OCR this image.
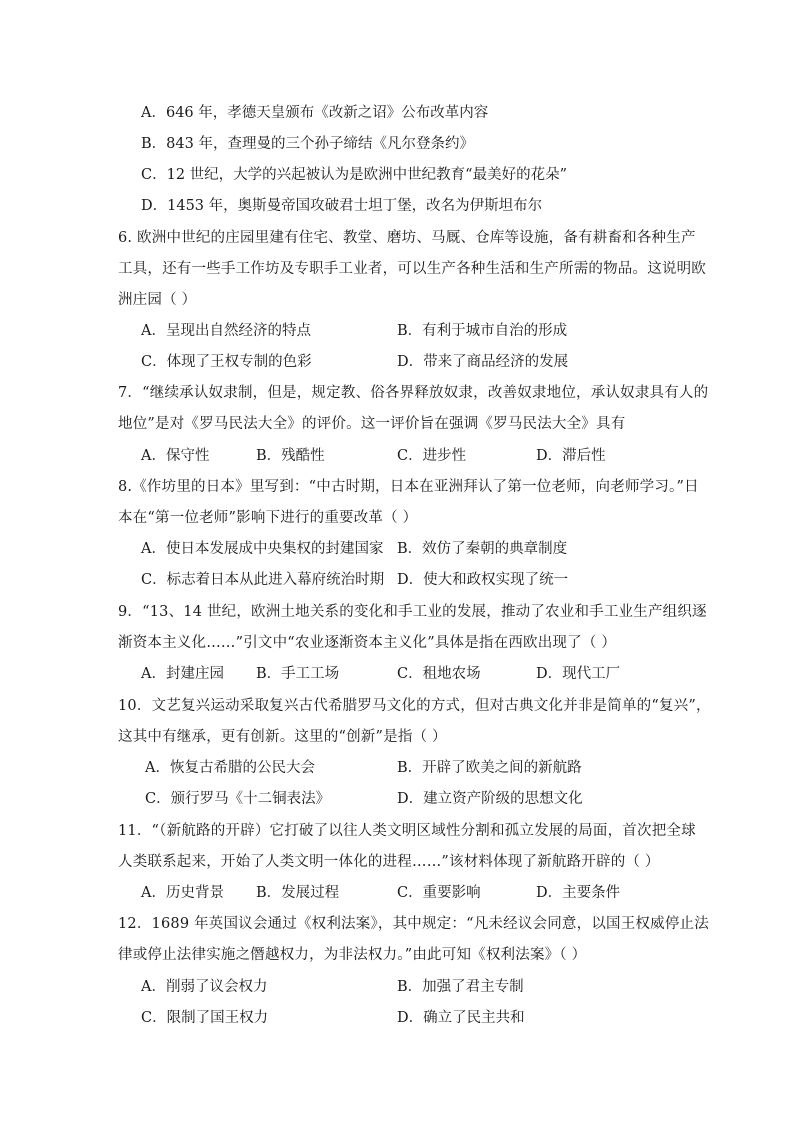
A．646 年，孝德天皇颁布《改新之诏》公布改革内容
B．843 年，查理曼的三个孙子缔结《凡尔登条约》
C．12 世纪，大学的兴起被认为是欧洲中世纪教育“最美好的花朵”
D．1453 年，奥斯曼帝国攻破君士坦丁堡，改名为伊斯坦布尔
6. 欧洲中世纪的庄园里建有住宅、教堂、磨坊、马厩、仓库等设施，备有耕畜和各种生产
工具，还有一些手工作坊及专职手工业者，可以生产各种生活和生产所需的物品。这说明欧
洲庄园（ ）
A．呈现出自然经济的特点	B．有利于城市自治的形成
C．体现了王权专制的色彩	D．带来了商品经济的发展
7．“继续承认奴隶制，但是，规定教、俗各界释放奴隶，改善奴隶地位，承认奴隶具有人的
地位”是对《罗马民法大全》的评价。这一评价旨在强调《罗马民法大全》具有
A．保守性	B．残酷性	C．进步性	D．滞后性
8.《作坊里的日本》里写到：“中古时期，日本在亚洲拜认了第一位老师，向老师学习。”日
本在“第一位老师”影响下进行的重要改革（ ）
A．使日本发展成中央集权的封建国家 B．效仿了秦朝的典章制度
C．标志着日本从此进入幕府统治时期 D．使大和政权实现了统一
9．“13、14 世纪，欧洲土地关系的变化和手工业的发展，推动了农业和手工业生产组织逐
渐资本主义化……”引文中“农业逐渐资本主义化”具体是指在西欧出现了（ ）
A．封建庄园 B．手工工场	C．租地农场	D．现代工厂
10．文艺复兴运动采取复兴古代希腊罗马文化的方式，但对古典文化并非是简单的“复兴”，
这其中有继承，更有创新。这里的“创新”是指（ ）
A．恢复古希腊的公民大会	B．开辟了欧美之间的新航路
C．颁行罗马《十二铜表法》	D．建立资产阶级的思想文化
11．“（新航路的开辟）它打破了以往人类文明区域性分割和孤立发展的局面，首次把全球
人类联系起来，开始了人类文明一体化的进程……”该材料体现了新航路开辟的（ ）
A．历史背景 B．发展过程	C．重要影响	D．主要条件
12．1689 年英国议会通过《权利法案》，其中规定：“凡未经议会同意，以国王权威停止法
律或停止法律实施之僭越权力，为非法权力。”由此可知《权利法案》（ ）
A．削弱了议会权力	B．加强了君主专制
C．限制了国王权力	D．确立了民主共和
